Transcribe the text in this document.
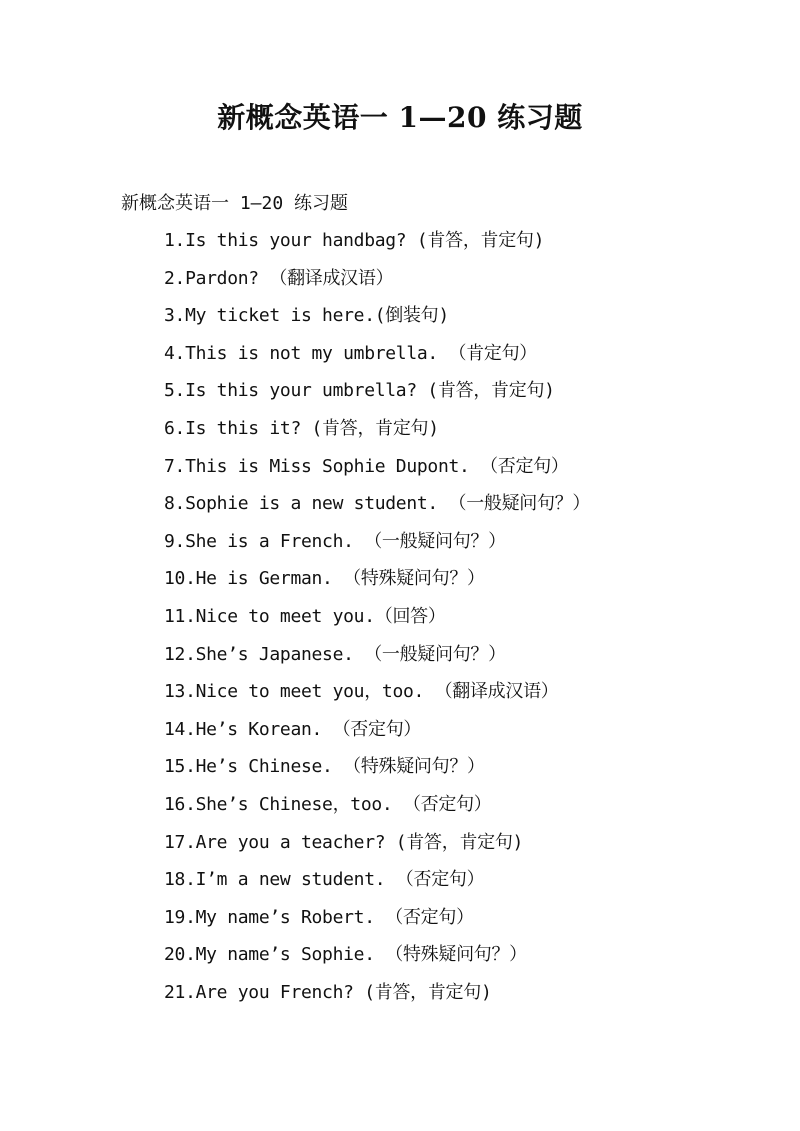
新概念英语一 1—20 练习题
新概念英语一 1—20 练习题
1.Is this your handbag? (肯答，肯定句)
2.Pardon? （翻译成汉语）
3.My ticket is here.(倒装句)
4.This is not my umbrella. （肯定句）
5.Is this your umbrella? (肯答，肯定句)
6.Is this it? (肯答，肯定句)
7.This is Miss Sophie Dupont. （否定句）
8.Sophie is a new student. （一般疑问句？）
9.She is a French. （一般疑问句？）
10.He is German. （特殊疑问句？）
11.Nice to meet you.（回答）
12.She’s Japanese. （一般疑问句？）
13.Nice to meet you，too. （翻译成汉语）
14.He’s Korean. （否定句）
15.He’s Chinese. （特殊疑问句？）
16.She’s Chinese，too. （否定句）
17.Are you a teacher? (肯答，肯定句)
18.I’m a new student. （否定句）
19.My name’s Robert. （否定句）
20.My name’s Sophie. （特殊疑问句？）
21.Are you French? (肯答，肯定句)
